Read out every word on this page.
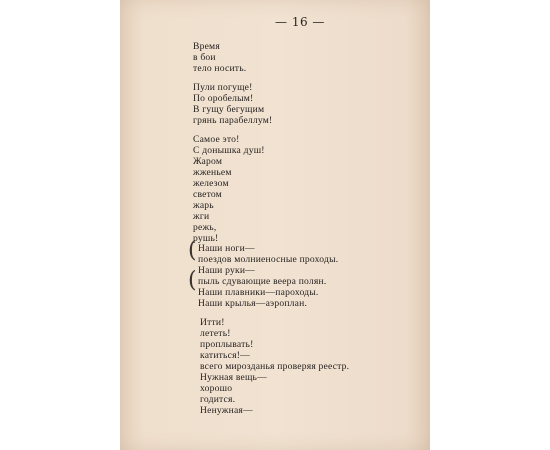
— 16 —
Время
в бои
тело носить.
Пули погуще!
По оробелым!
В гущу бегущим
грянь парабеллум!
Самое это!
С донышка душ!
Жаром
жженьем
железом
светом
жарь
жги
режь,
рушь!
(
(
Наши ноги—
поездов молниеносные проходы.
Наши руки—
пыль сдувающие веера полян.
Наши плавники—пароходы.
Наши крылья—аэроплан.
Итти!
лететь!
проплывать!
катиться!—
всего мирозданья проверяя реестр.
Нужная вещь—
хорошо
годится.
Ненужная—
